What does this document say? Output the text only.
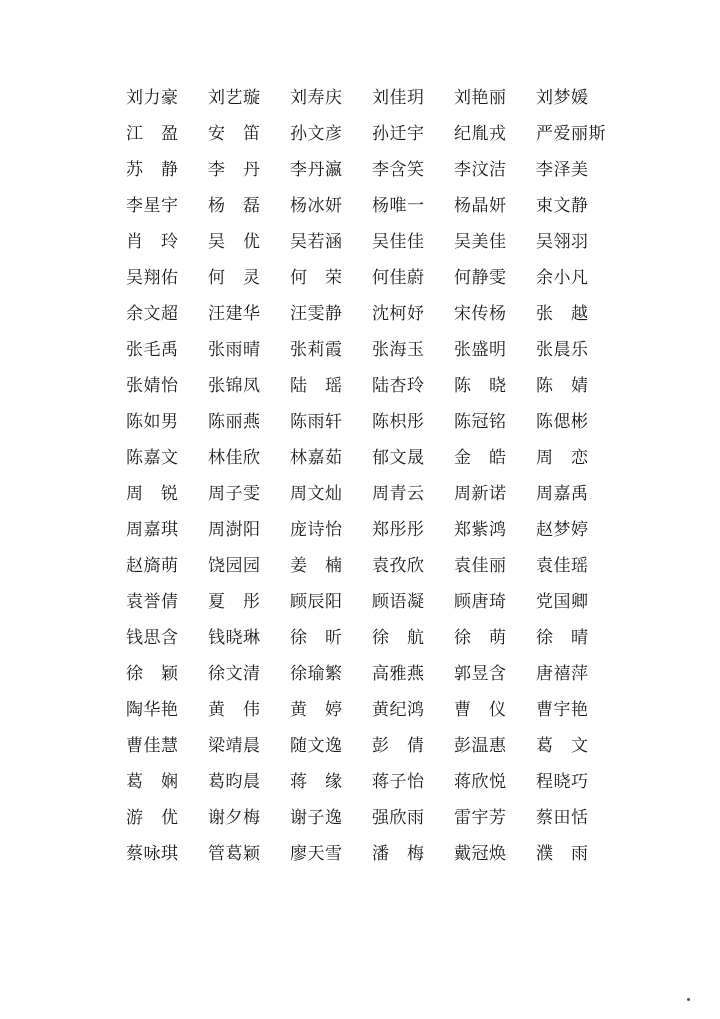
刘力豪	刘艺璇	刘寿庆	刘佳玥	刘艳丽	刘梦媛
江　盈	安　笛	孙文彦	孙迁宇	纪胤戎	严爱丽斯
苏　静	李　丹	李丹瀛	李含笑	李汶洁	李泽美
李星宇	杨　磊	杨冰妍	杨唯一	杨晶妍	束文静
肖　玲	吴　优	吴若涵	吴佳佳	吴美佳	吴翎羽
吴翔佑	何　灵	何　荣	何佳蔚	何静雯	余小凡
余文超	汪建华	汪雯静	沈柯妤	宋传杨	张　越
张毛禹	张雨晴	张莉霞	张海玉	张盛明	张晨乐
张婧怡	张锦凤	陆　瑶	陆杏玲	陈　晓	陈　婧
陈如男	陈丽燕	陈雨轩	陈枳彤	陈冠铭	陈偲彬
陈嘉文	林佳欣	林嘉茹	郁文晟	金　皓	周　恋
周　锐	周子雯	周文灿	周青云	周新诺	周嘉禹
周嘉琪	周澍阳	庞诗怡	郑彤彤	郑紫鸿	赵梦婷
赵旖萌	饶园园	姜　楠	袁孜欣	袁佳丽	袁佳瑶
袁誉倩	夏　彤	顾辰阳	顾语凝	顾唐琦	党国卿
钱思含	钱晓琳	徐　昕	徐　航	徐　萌	徐　晴
徐　颖	徐文清	徐瑜繁	高雅燕	郭昱含	唐禧萍
陶华艳	黄　伟	黄　婷	黄纪鸿	曹　仪	曹宇艳
曹佳慧	梁靖晨	随文逸	彭　倩	彭温惠	葛　文
葛　娴	葛昀晨	蒋　缘	蒋子怡	蒋欣悦	程晓巧
游　优	谢夕梅	谢子逸	强欣雨	雷宇芳	蔡田恬
蔡咏琪	管葛颖	廖天雪	潘　梅	戴冠焕	濮　雨
